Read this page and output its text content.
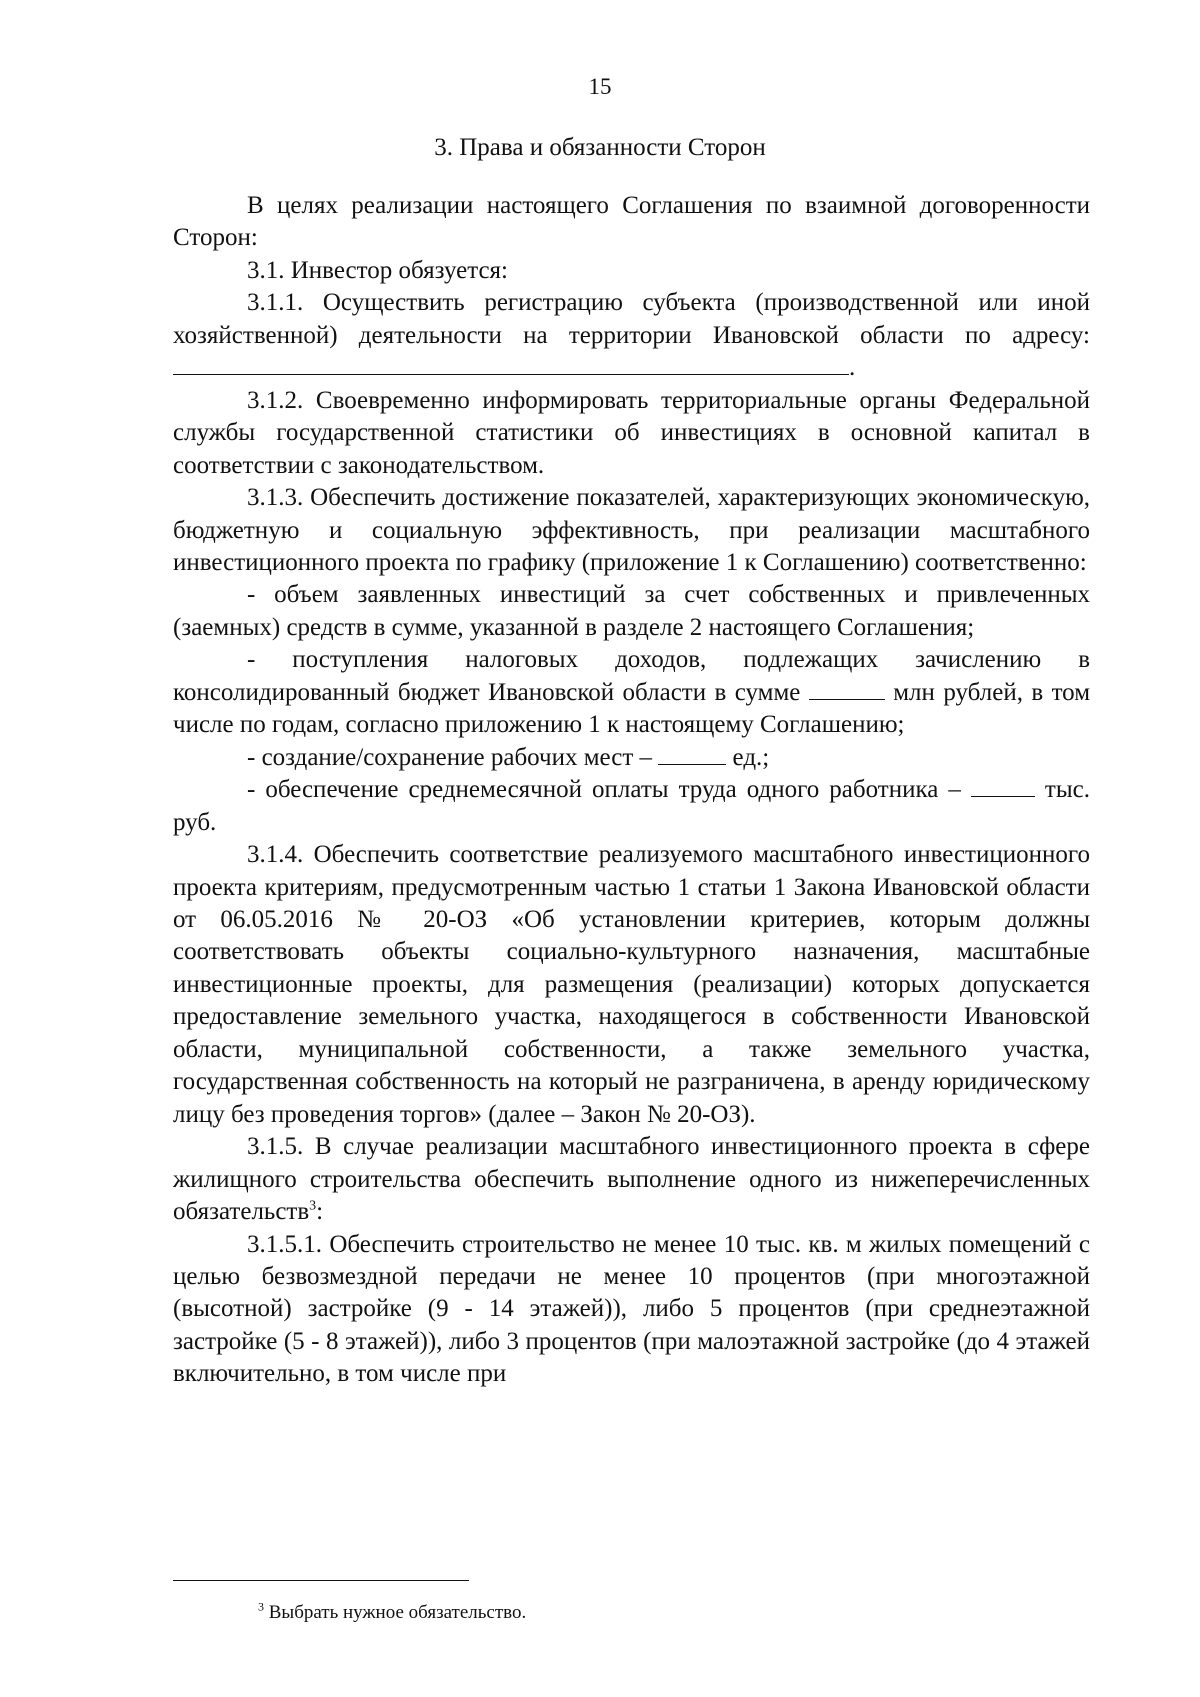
15
3. Права и обязанности Сторон

В целях реализации настоящего Соглашения по взаимной договоренности Сторон:

3.1. Инвестор обязуется:

3.1.1. Осуществить регистрацию субъекта (производственной или иной хозяйственной) деятельности на территории Ивановской области по адресу: .

3.1.2. Своевременно информировать территориальные органы Федеральной службы государственной статистики об инвестициях в основной капитал в соответствии с законодательством.

3.1.3. Обеспечить достижение показателей, характеризующих экономическую, бюджетную и социальную эффективность, при реализации масштабного инвестиционного проекта по графику (приложение 1 к Соглашению) соответственно:

- объем заявленных инвестиций за счет собственных и привлеченных (заемных) средств в сумме, указанной в разделе 2 настоящего Соглашения;

- поступления налоговых доходов, подлежащих зачислению в консолидированный бюджет Ивановской области в сумме	млн рублей, в том числе по годам, согласно приложению 1 к настоящему Соглашению;

- создание/сохранение рабочих мест –	ед.;

- обеспечение среднемесячной оплаты труда одного работника –	тыс. руб.

3.1.4. Обеспечить соответствие реализуемого масштабного инвестиционного проекта критериям, предусмотренным частью 1 статьи 1 Закона Ивановской области от 06.05.2016 № 20-ОЗ «Об установлении критериев, которым должны соответствовать объекты социально-культурного назначения, масштабные инвестиционные проекты, для размещения (реализации) которых допускается предоставление земельного участка, находящегося в собственности Ивановской области, муниципальной собственности, а также земельного участка, государственная собственность на который не разграничена, в аренду юридическому лицу без проведения торгов» (далее – Закон № 20-ОЗ).

3.1.5. В случае реализации масштабного инвестиционного проекта в сфере жилищного строительства обеспечить выполнение одного из нижеперечисленных обязательств$^3$:

3.1.5.1. Обеспечить строительство не менее 10 тыс. кв. м жилых помещений с целью безвозмездной передачи не менее 10 процентов (при многоэтажной (высотной) застройке (9 - 14 этажей)), либо 5 процентов (при среднеэтажной застройке (5 - 8 этажей)), либо 3 процентов (при малоэтажной застройке (до 4 этажей включительно, в том числе при

$^3$ Выбрать нужное обязательство.
